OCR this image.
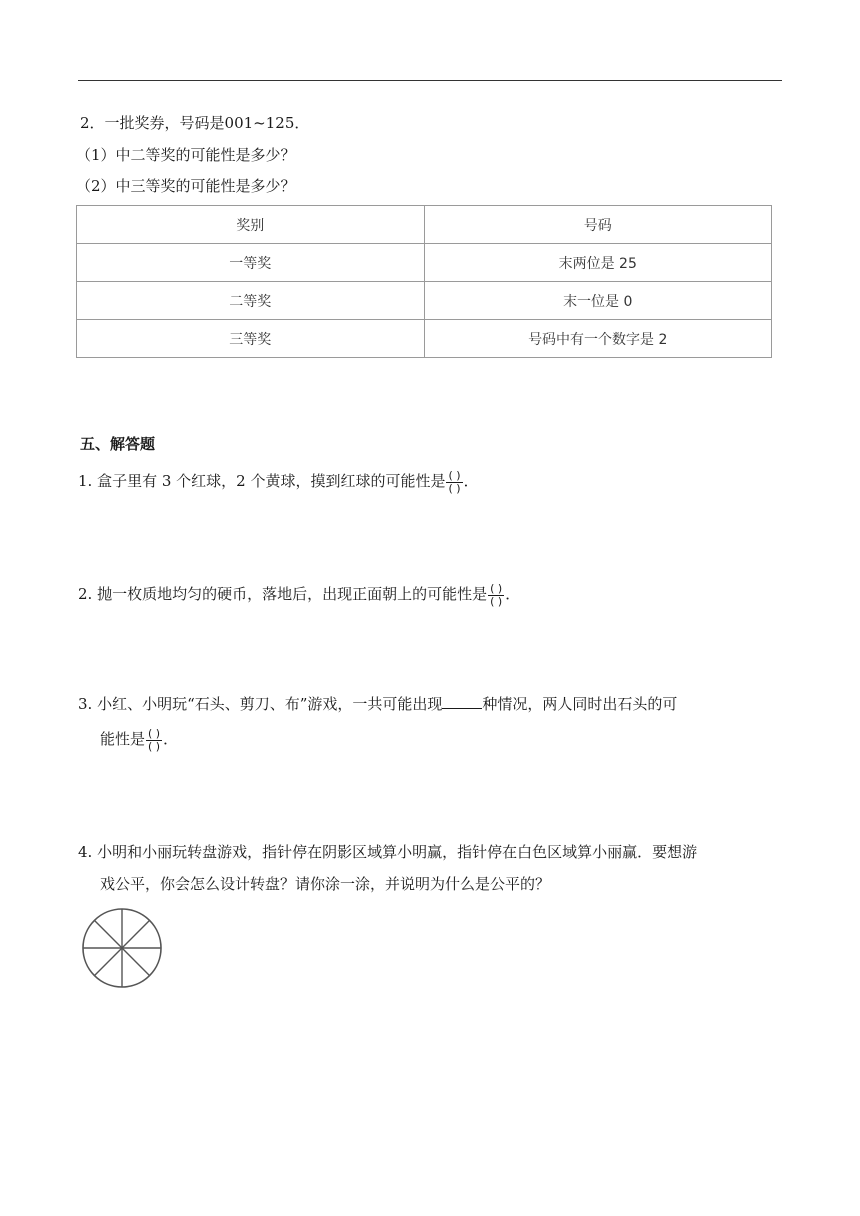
2．一批奖券，号码是001~125．
（1）中二等奖的可能性是多少？
（2）中三等奖的可能性是多少？
奖别	号码
一等奖	末两位是 25
二等奖	末一位是 0
三等奖	号码中有一个数字是 2
五、解答题
1. 盒子里有 3 个红球，2 个黄球，摸到红球的可能性是 $\frac{( )}{( )}$ ．
2. 抛一枚质地均匀的硬币，落地后，出现正面朝上的可能性是 $\frac{( )}{( )}$ ．
3. 小红、小明玩“石头、剪刀、布”游戏，一共可能出现	种情况，两人同时出石头的可
能性是 $\frac{( )}{( )}$ ．
4. 小明和小丽玩转盘游戏，指针停在阴影区域算小明赢，指针停在白色区域算小丽赢．要想游
戏公平，你会怎么设计转盘？请你涂一涂，并说明为什么是公平的？
